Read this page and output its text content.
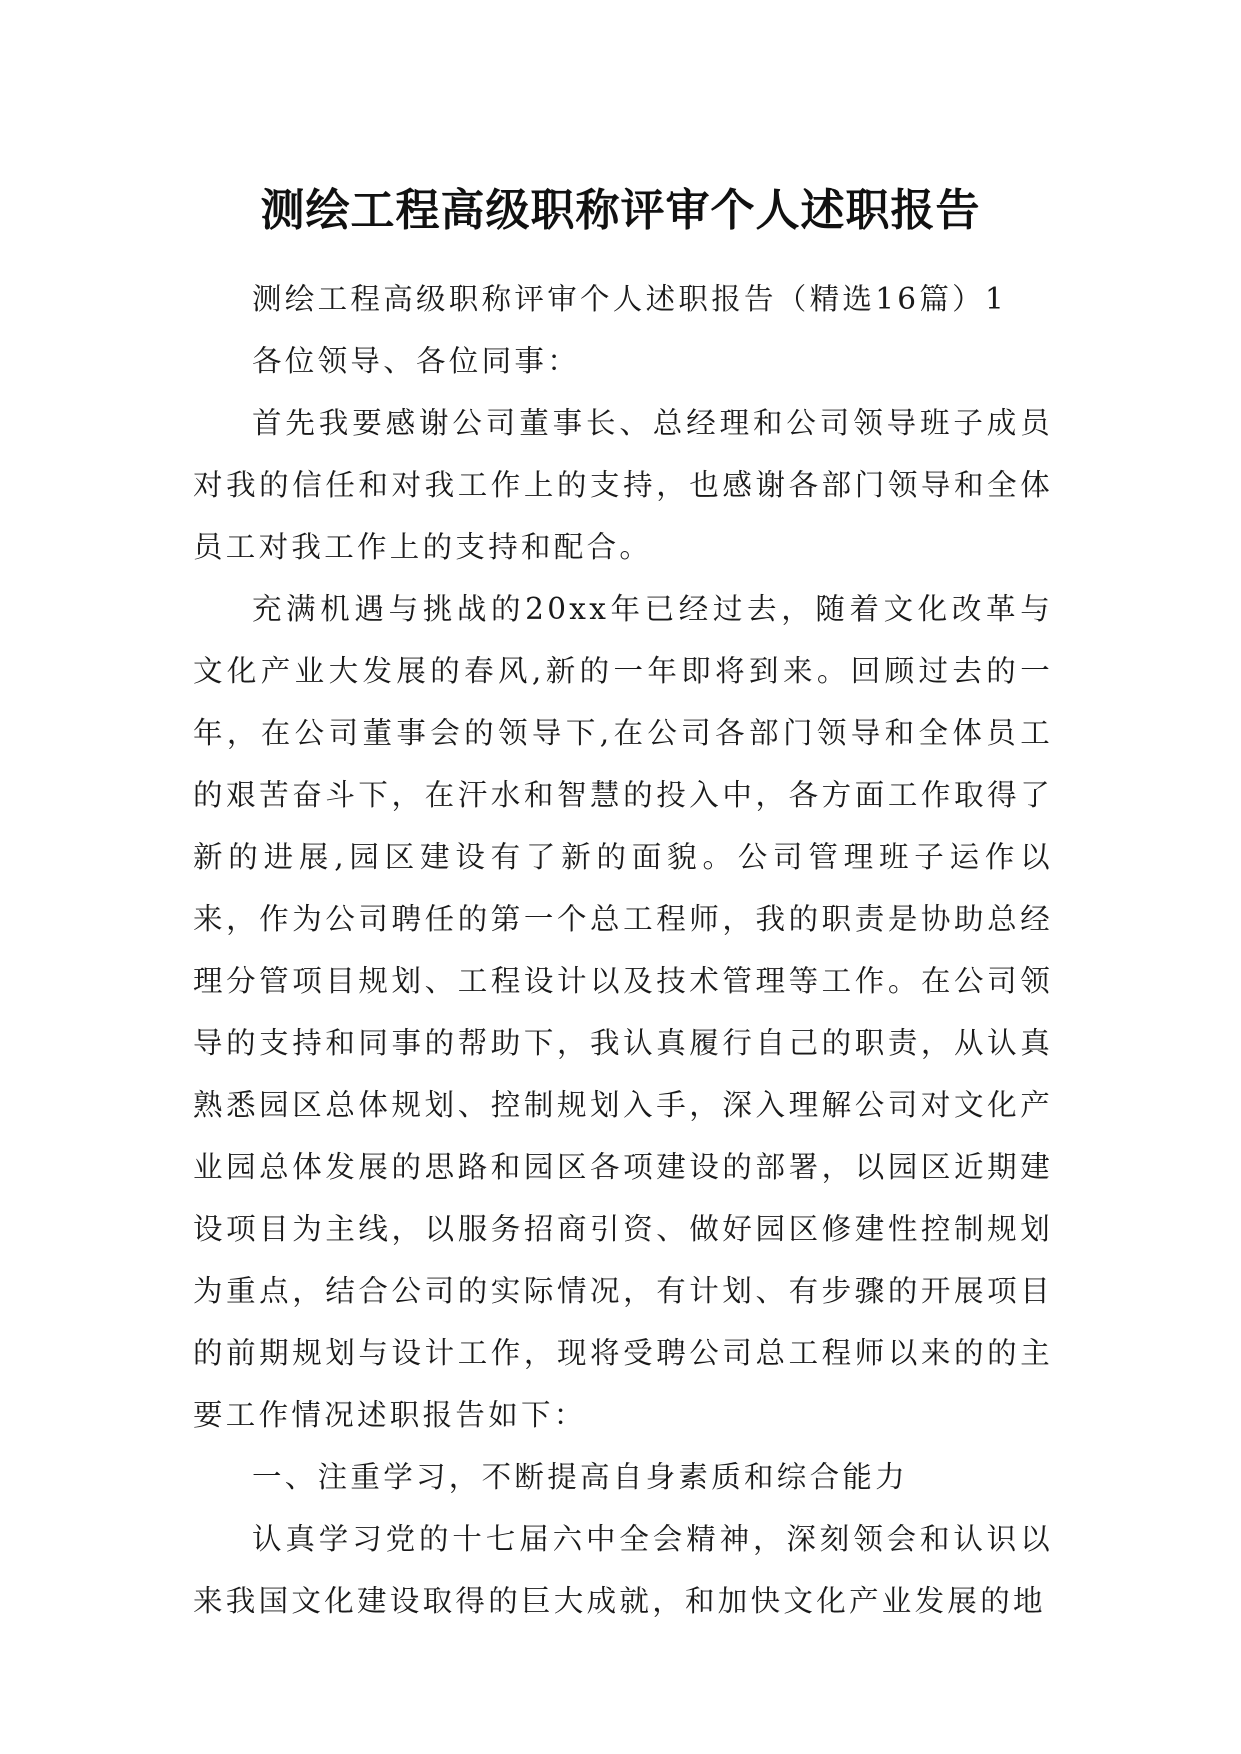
测绘工程高级职称评审个人述职报告

测绘工程高级职称评审个人述职报告（精选16篇）1

各位领导、各位同事：

首先我要感谢公司董事长、总经理和公司领导班子成员对我的信任和对我工作上的支持，也感谢各部门领导和全体员工对我工作上的支持和配合。

充满机遇与挑战的20xx年已经过去，随着文化改革与文化产业大发展的春风,新的一年即将到来。回顾过去的一年，在公司董事会的领导下,在公司各部门领导和全体员工的艰苦奋斗下，在汗水和智慧的投入中，各方面工作取得了新的进展,园区建设有了新的面貌。公司管理班子运作以来，作为公司聘任的第一个总工程师，我的职责是协助总经理分管项目规划、工程设计以及技术管理等工作。在公司领导的支持和同事的帮助下，我认真履行自己的职责，从认真熟悉园区总体规划、控制规划入手，深入理解公司对文化产业园总体发展的思路和园区各项建设的部署，以园区近期建设项目为主线，以服务招商引资、做好园区修建性控制规划为重点，结合公司的实际情况，有计划、有步骤的开展项目的前期规划与设计工作，现将受聘公司总工程师以来的的主要工作情况述职报告如下：

一、注重学习，不断提高自身素质和综合能力

认真学习党的十七届六中全会精神，深刻领会和认识以来我国文化建设取得的巨大成就，和加快文化产业发展的地
